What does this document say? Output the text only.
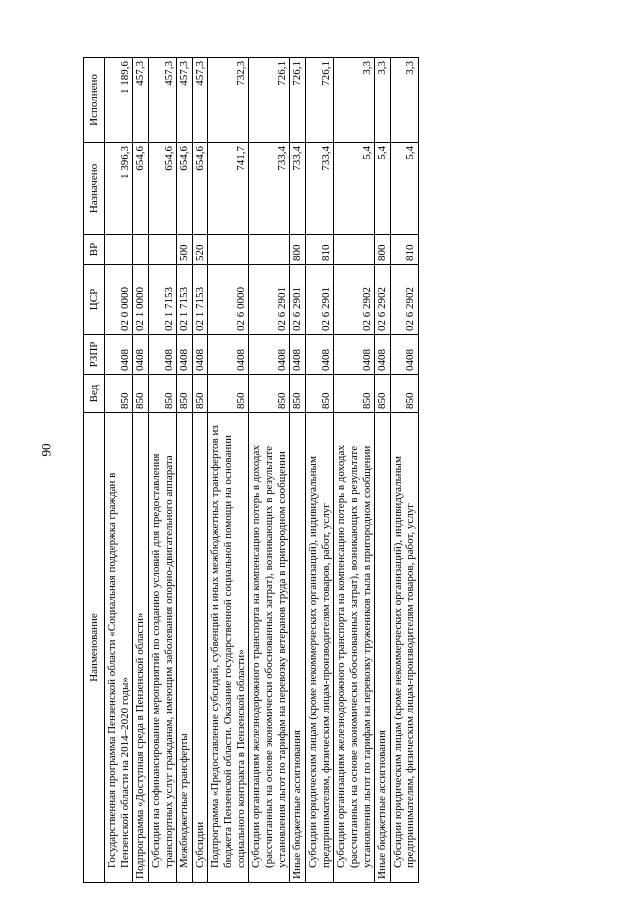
90
Наименование	Вед	РЗПР	ЦСР	ВР	Назначено	Исполнено
Государственная программа Пензенской области «Социальная поддержка граждан в Пензенской области на 2014–2020 годы»	850	0408	02 0 0000		1 396,3	1 189,6
Подпрограмма «Доступная среда в Пензенской области»	850	0408	02 1 0000		654,6	457,3
Субсидии на софинансирование мероприятий по созданию условий для предоставления транспортных услуг гражданам, имеющим заболевания опорно-двигательного аппарата	850	0408	02 1 7153		654,6	457,3
Межбюджетные трансферты	850	0408	02 1 7153	500	654,6	457,3
Субсидии	850	0408	02 1 7153	520	654,6	457,3
Подпрограмма «Предоставление субсидий, субвенций и иных межбюджетных трансфертов из бюджета Пензенской области. Оказание государственной социальной помощи на основании социального контракта в Пензенской области»	850	0408	02 6 0000		741,7	732,3
Субсидии организациям железнодорожного транспорта на компенсацию потерь в доходах (рассчитанных на основе экономически обоснованных затрат), возникающих в результате установления льгот по тарифам на перевозку ветеранов труда в пригородном сообщении	850	0408	02 6 2901		733,4	726,1
Иные бюджетные ассигнования	850	0408	02 6 2901	800	733,4	726,1
Субсидии юридическим лицам (кроме некоммерческих организаций), индивидуальным предпринимателям, физическим лицам-производителям товаров, работ, услуг	850	0408	02 6 2901	810	733,4	726,1
Субсидии организациям железнодорожного транспорта на компенсацию потерь в доходах (рассчитанных на основе экономически обоснованных затрат), возникающих в результате установления льгот по тарифам на перевозку тружеников тыла в пригородном сообщении	850	0408	02 6 2902		5,4	3,3
Иные бюджетные ассигнования	850	0408	02 6 2902	800	5,4	3,3
Субсидии юридическим лицам (кроме некоммерческих организаций), индивидуальным предпринимателям, физическим лицам-производителям товаров, работ, услуг	850	0408	02 6 2902	810	5,4	3,3
